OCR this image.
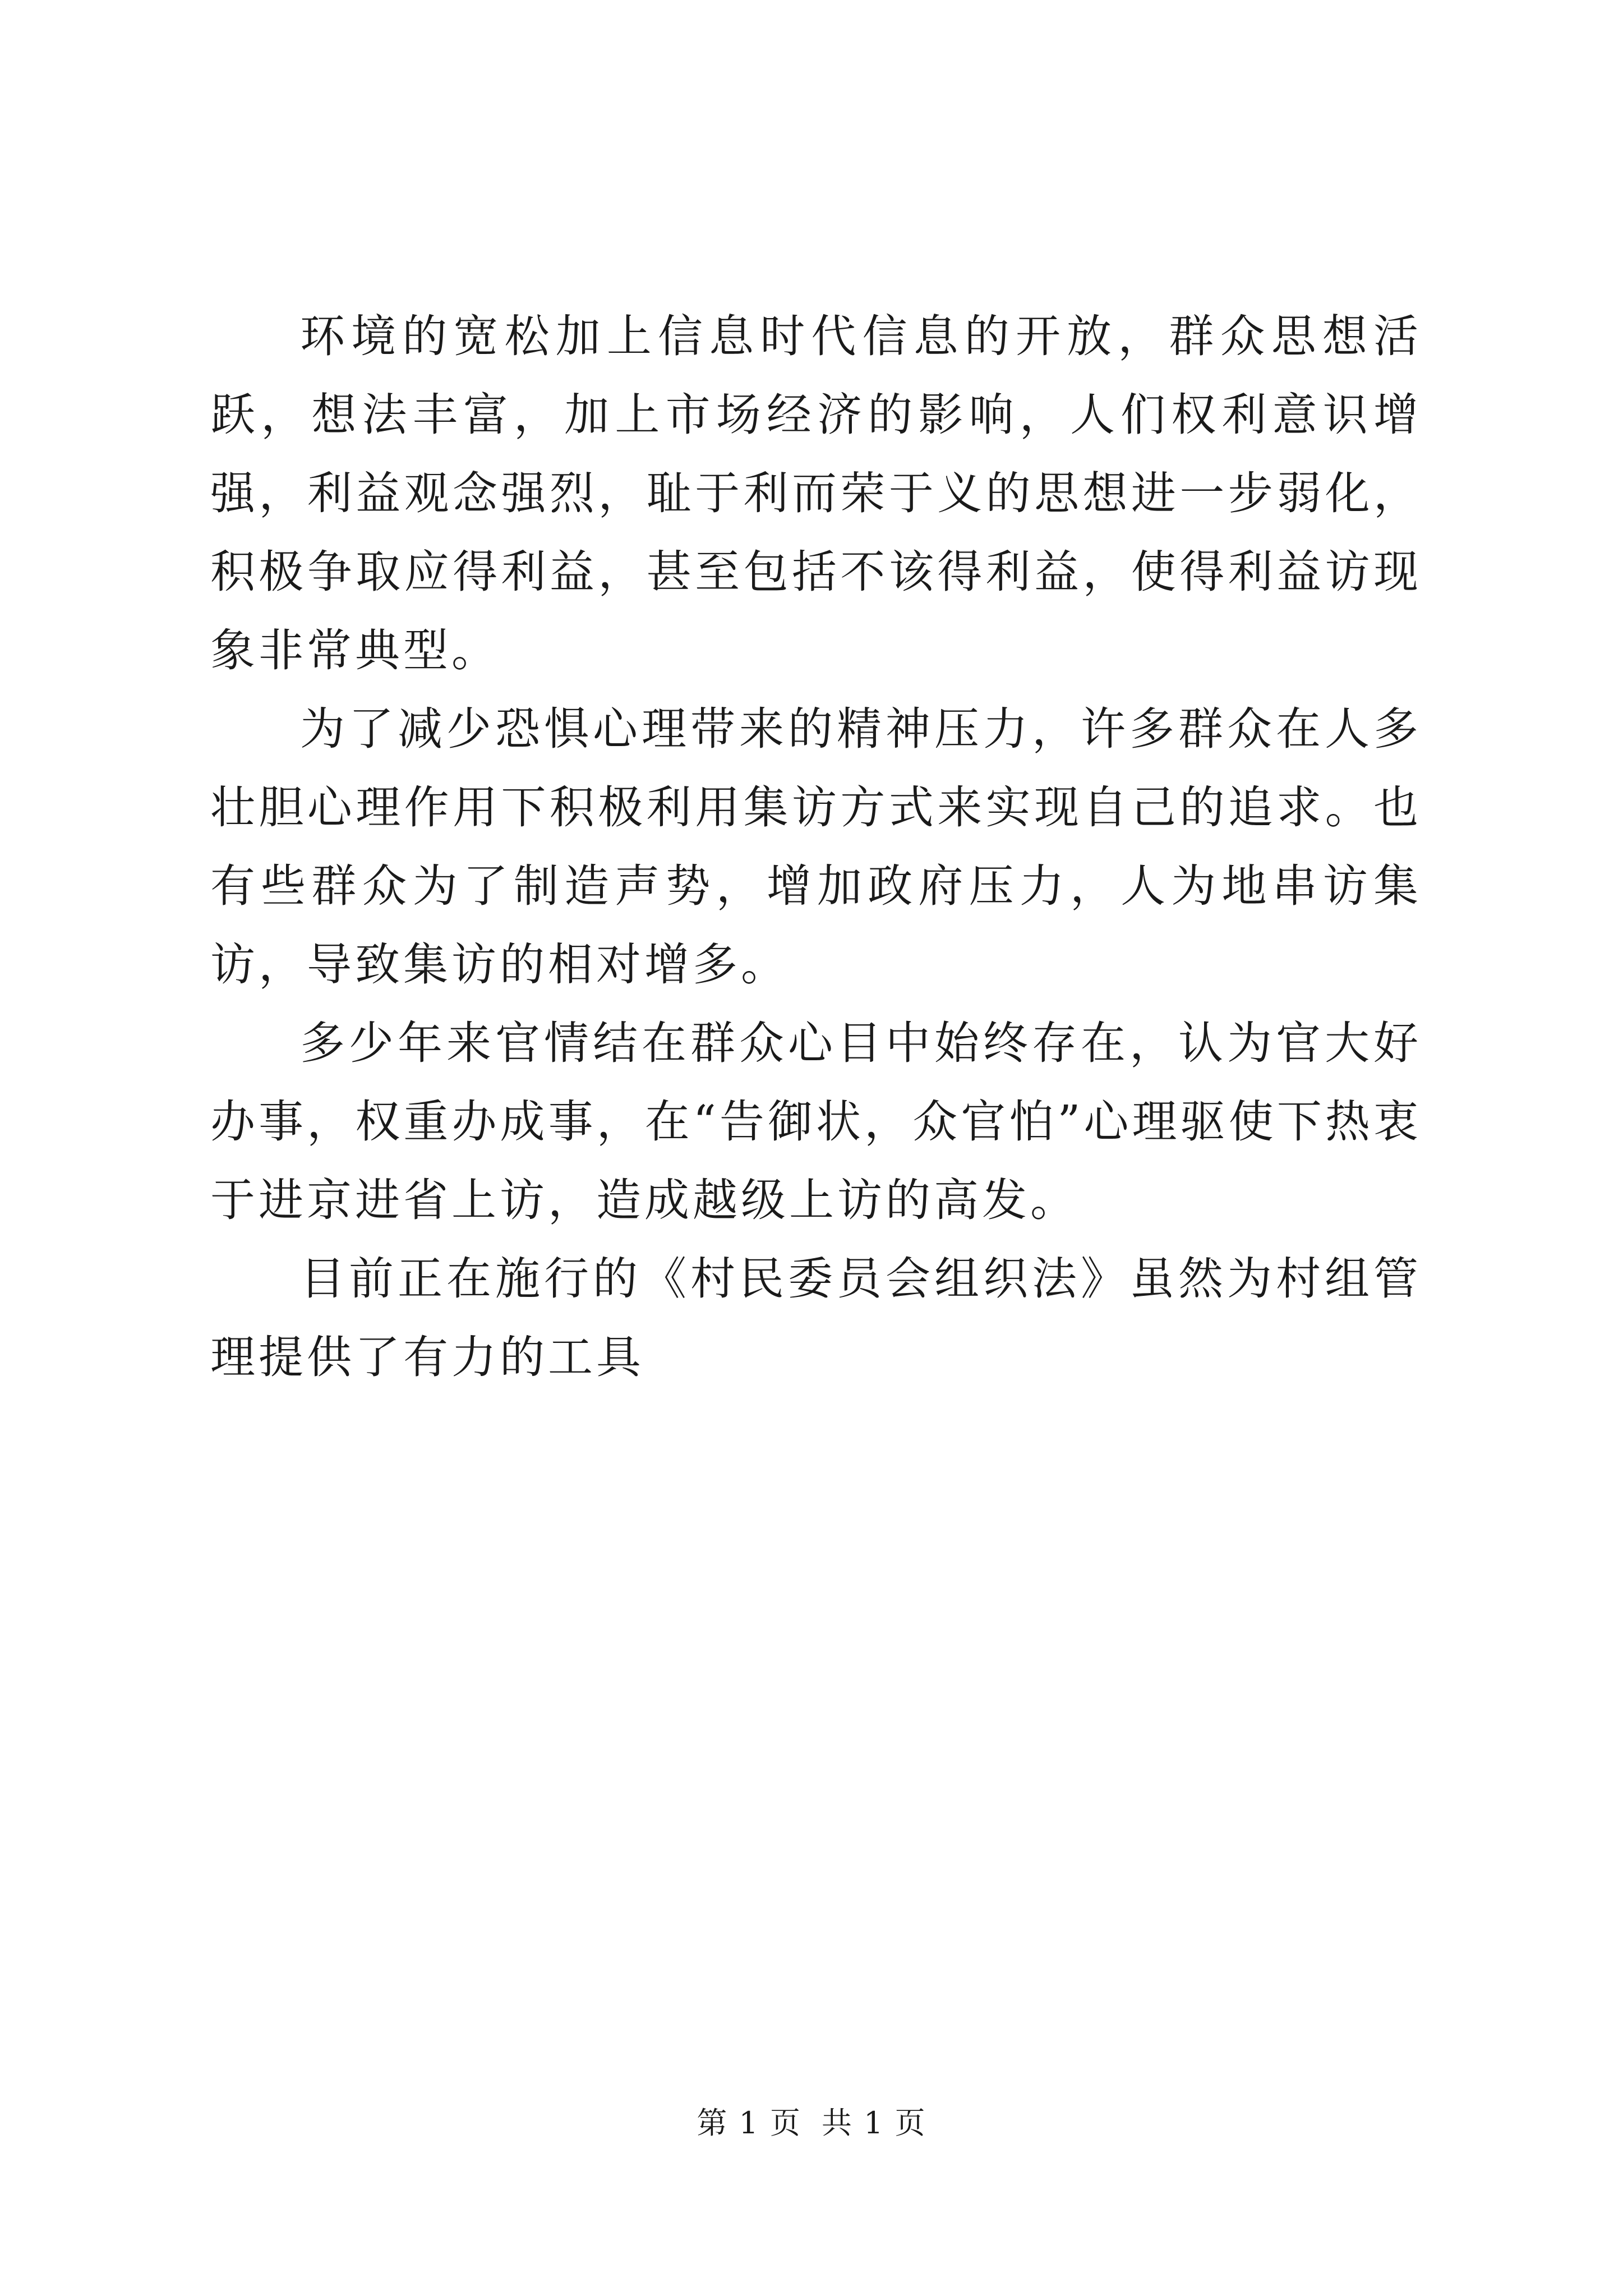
环境的宽松加上信息时代信息的开放，群众思想活跃，想法丰富，加上市场经济的影响，人们权利意识增强，利益观念强烈，耻于利而荣于义的思想进一步弱化，积极争取应得利益，甚至包括不该得利益，使得利益访现象非常典型。

为了减少恐惧心理带来的精神压力，许多群众在人多壮胆心理作用下积极利用集访方式来实现自己的追求。也有些群众为了制造声势，增加政府压力，人为地串访集访，导致集访的相对增多。

多少年来官情结在群众心目中始终存在，认为官大好办事，权重办成事，在“告御状，众官怕”心理驱使下热衷于进京进省上访，造成越级上访的高发。

目前正在施行的《村民委员会组织法》虽然为村组管理提供了有力的工具

第 1 页 共 1 页
